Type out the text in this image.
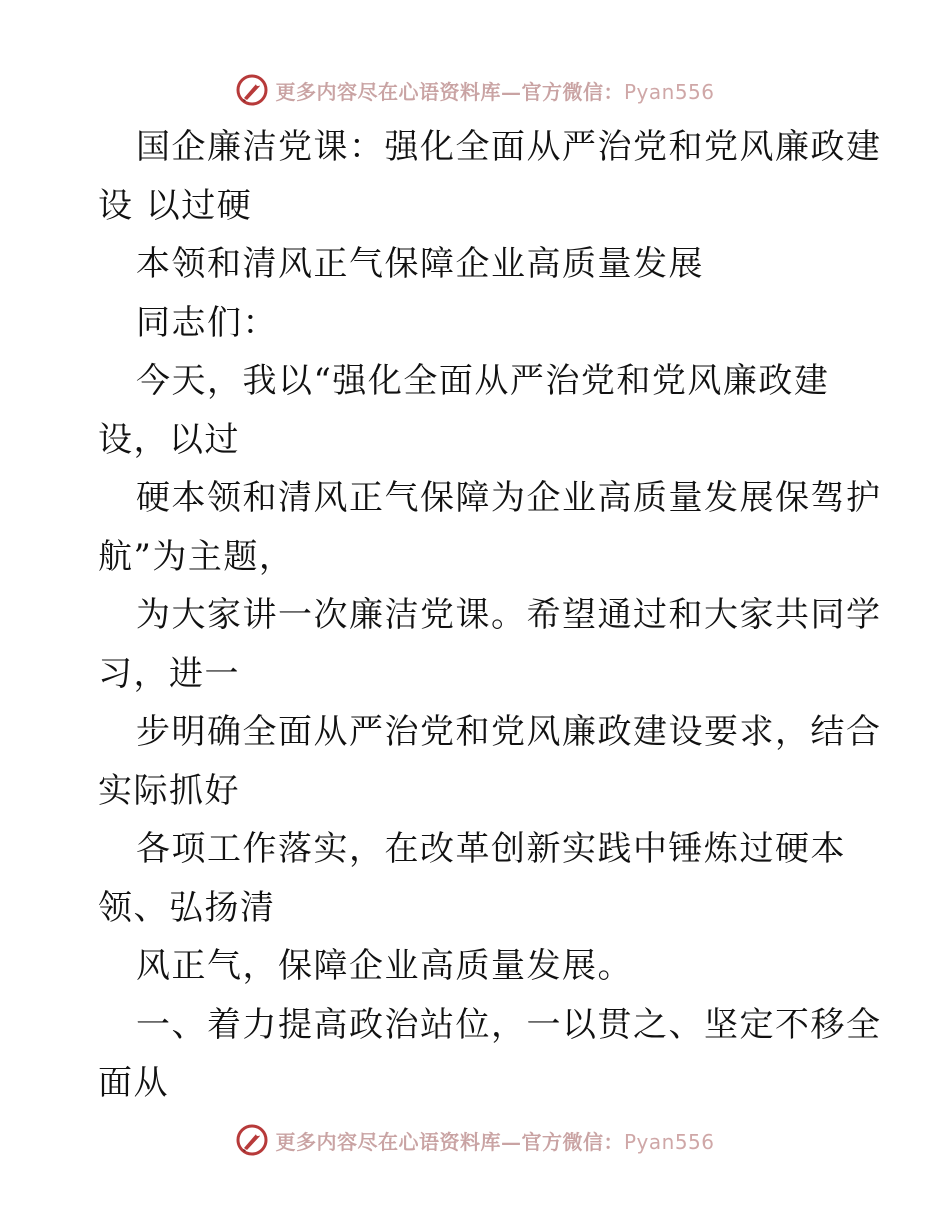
更多内容尽在心语资料库—官方微信：Pyan556
国企廉洁党课：强化全面从严治党和党风廉政建
设 以过硬
本领和清风正气保障企业高质量发展
同志们：
今天，我以“强化全面从严治党和党风廉政建
设，以过
硬本领和清风正气保障为企业高质量发展保驾护
航”为主题，
为大家讲一次廉洁党课。希望通过和大家共同学
习，进一
步明确全面从严治党和党风廉政建设要求，结合
实际抓好
各项工作落实，在改革创新实践中锤炼过硬本
领、弘扬清
风正气，保障企业高质量发展。
一、着力提高政治站位，一以贯之、坚定不移全
面从
更多内容尽在心语资料库—官方微信：Pyan556
